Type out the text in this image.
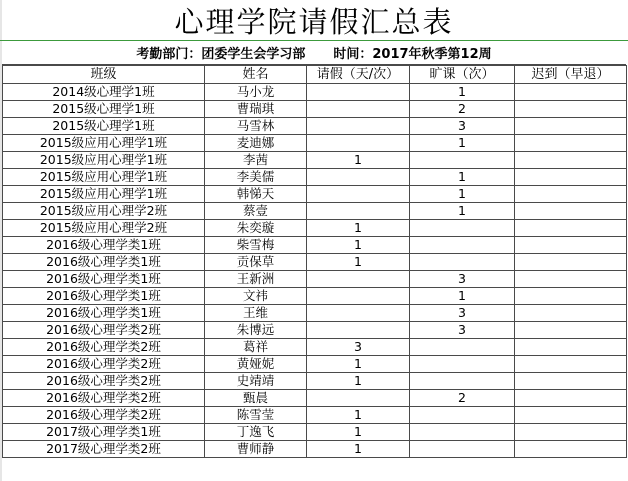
心理学院请假汇总表
考勤部门：团委学生会学习部 时间：2017年秋季第12周
班级	姓名	请假（天/次）	旷课（次）	迟到（早退）
2014级心理学1班	马小龙		1	
2015级心理学1班	曹瑞琪		2	
2015级心理学1班	马雪林		3	
2015级应用心理学1班	麦迪娜		1	
2015级应用心理学1班	李茜	1		
2015级应用心理学1班	李美儒		1	
2015级应用心理学1班	韩悌天		1	
2015级应用心理学2班	蔡壹		1	
2015级应用心理学2班	朱奕璇	1		
2016级心理学类1班	柴雪梅	1		
2016级心理学类1班	贡保草	1		
2016级心理学类1班	王新洲		3	
2016级心理学类1班	文祎		1	
2016级心理学类1班	王维		3	
2016级心理学类2班	朱博远		3	
2016级心理学类2班	葛祥	3		
2016级心理学类2班	黄娅妮	1		
2016级心理学类2班	史靖靖	1		
2016级心理学类2班	甄晨		2	
2016级心理学类2班	陈雪莹	1		
2017级心理学类1班	丁逸飞	1		
2017级心理学类2班	曹师静	1		
